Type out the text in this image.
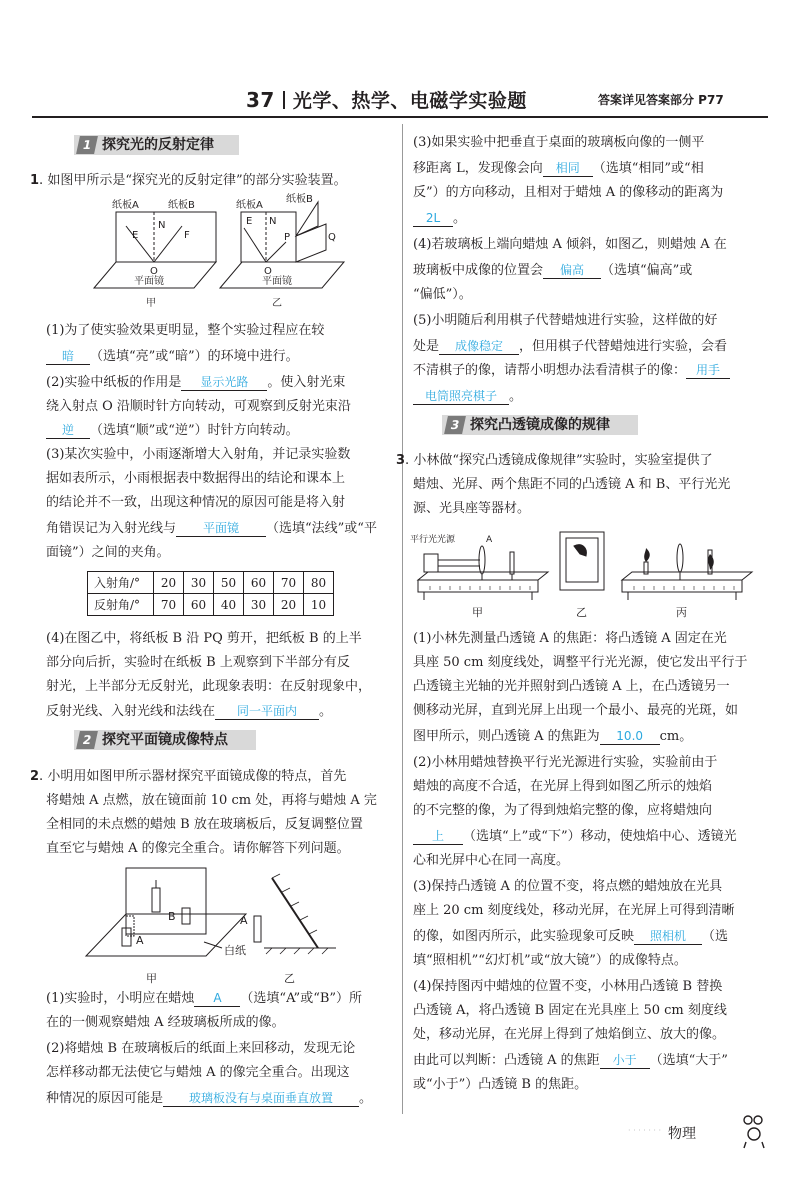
37 光学、热学、电磁学实验题	答案详见答案部分 P77
1 探究光的反射定律
1. 如图甲所示是“探究光的反射定律”的部分实验装置。
纸板A	纸板B
E
N
F
O
平面镜
甲
纸板B
纸板A
E N
P	Q
O
平面镜
乙
(1)为了使实验效果更明显，整个实验过程应在较
暗 （选填“亮”或“暗”）的环境中进行。
(2)实验中纸板的作用是 显示光路 。使入射光束
绕入射点 O 沿顺时针方向转动，可观察到反射光束沿
逆 （选填“顺”或“逆”）时针方向转动。
(3)某次实验中，小雨逐渐增大入射角，并记录实验数
据如表所示，小雨根据表中数据得出的结论和课本上
的结论并不一致，出现这种情况的原因可能是将入射
角错误记为入射光线与 平面镜 （选填“法线”或“平
面镜”）之间的夹角。
入射角/°	20	30	50	60	70	80
反射角/°	70	60	40	30	20	10
(4)在图乙中，将纸板 B 沿 PQ 剪开，把纸板 B 的上半
部分向后折，实验时在纸板 B 上观察到下半部分有反
射光，上半部分无反射光，此现象表明：在反射现象中，
反射光线、入射光线和法线在 同一平面内 。
2 探究平面镜成像特点
2. 小明用如图甲所示器材探究平面镜成像的特点，首先
将蜡烛 A 点燃，放在镜面前 10 cm 处，再将与蜡烛 A 完
全相同的未点燃的蜡烛 B 放在玻璃板后，反复调整位置
直至它与蜡烛 A 的像完全重合。请你解答下列问题。
B
A
白纸
甲
A
乙
(1)实验时，小明应在蜡烛 A （选填“A”或“B”）所
在的一侧观察蜡烛 A 经玻璃板所成的像。
(2)将蜡烛 B 在玻璃板后的纸面上来回移动，发现无论
怎样移动都无法使它与蜡烛 A 的像完全重合。出现这
种情况的原因可能是 玻璃板没有与桌面垂直放置 。
(3)如果实验中把垂直于桌面的玻璃板向像的一侧平
移距离 L，发现像会向 相同 （选填“相同”或“相
反”）的方向移动，且相对于蜡烛 A 的像移动的距离为
2L 。
(4)若玻璃板上端向蜡烛 A 倾斜，如图乙，则蜡烛 A 在
玻璃板中成像的位置会 偏高 （选填“偏高”或
“偏低”）。
(5)小明随后利用棋子代替蜡烛进行实验，这样做的好
处是 成像稳定 ，但用棋子代替蜡烛进行实验，会看
不清棋子的像，请帮小明想办法看清棋子的像： 用手
电筒照亮棋子 。
3 探究凸透镜成像的规律
3. 小林做“探究凸透镜成像规律”实验时，实验室提供了
蜡烛、光屏、两个焦距不同的凸透镜 A 和 B、平行光光
源、光具座等器材。
平行光光源	A
甲	乙	丙
(1)小林先测量凸透镜 A 的焦距：将凸透镜 A 固定在光
具座 50 cm 刻度线处，调整平行光光源，使它发出平行于
凸透镜主光轴的光并照射到凸透镜 A 上，在凸透镜另一
侧移动光屏，直到光屏上出现一个最小、最亮的光斑，如
图甲所示，则凸透镜 A 的焦距为 10.0 cm。
(2)小林用蜡烛替换平行光光源进行实验，实验前由于
蜡烛的高度不合适，在光屏上得到如图乙所示的烛焰
的不完整的像，为了得到烛焰完整的像，应将蜡烛向
上 （选填“上”或“下”）移动，使烛焰中心、透镜光
心和光屏中心在同一高度。
(3)保持凸透镜 A 的位置不变，将点燃的蜡烛放在光具
座上 20 cm 刻度线处，移动光屏，在光屏上可得到清晰
的像，如图丙所示，此实验现象可反映 照相机 （选
填“照相机”“幻灯机”或“放大镜”）的成像特点。
(4)保持图丙中蜡烛的位置不变，小林用凸透镜 B 替换
凸透镜 A，将凸透镜 B 固定在光具座上 50 cm 刻度线
处，移动光屏，在光屏上得到了烛焰倒立、放大的像。
由此可以判断：凸透镜 A 的焦距 小于 （选填“大于”
或“小于”）凸透镜 B 的焦距。
· · · · · · · 物理
